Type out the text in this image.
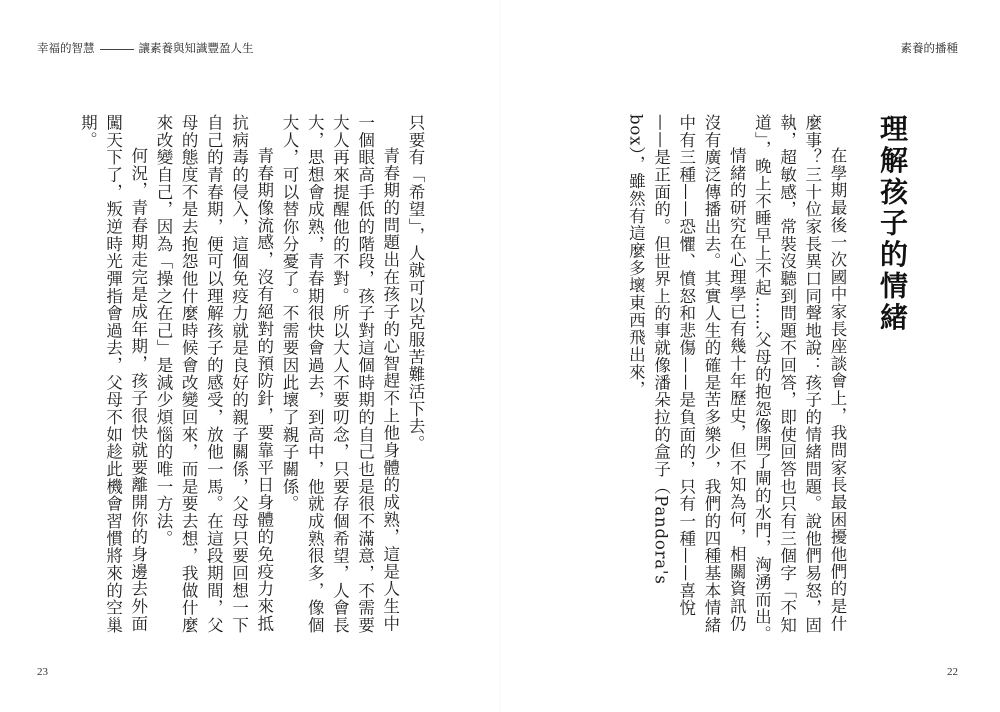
幸福的智慧	讓素養與知識豐盈人生

只要有「希望」，人就可以克服苦難活下去。

青春期的問題出在孩子的心智趕不上他身體的成熟，這是人生中一個眼高手低的階段，孩子對這個時期的自己也是很不滿意，不需要大人再來提醒他的不對。所以大人不要叨念，只要存個希望，人會長大，思想會成熟，青春期很快會過去，到高中，他就成熟很多，像個大人，可以替你分憂了。不需要因此壞了親子關係。

青春期像流感，沒有絕對的預防針，要靠平日身體的免疫力來抵抗病毒的侵入，這個免疫力就是良好的親子關係，父母只要回想一下自己的青春期，便可以理解孩子的感受，放他一馬。在這段期間，父母的態度不是去抱怨他什麼時候會改變回來，而是要去想，我做什麼來改變自己，因為「操之在己」是減少煩惱的唯一方法。

何況，青春期走完是成年期，孩子很快就要離開你的身邊去外面闖天下了，叛逆時光彈指會過去，父母不如趁此機會習慣將來的空巢期。

23
素養的播種
理解孩子的情緒

在學期最後一次國中家長座談會上，我問家長最困擾他們的是什麼事？三十位家長異口同聲地說：孩子的情緒問題。說他們易怒，固執，超敏感，常裝沒聽到問題不回答，即使回答也只有三個字「不知道」，晚上不睡早上不起……父母的抱怨像開了閘的水門，洶湧而出。

情緒的研究在心理學已有幾十年歷史，但不知為何，相關資訊仍沒有廣泛傳播出去。其實人生的確是苦多樂少，我們的四種基本情緒中有三種——恐懼、憤怒和悲傷——是負面的，只有一種——喜悅——是正面的。但世界上的事就像潘朵拉的盒子（Pandora's box），雖然有這麼多壞東西飛出來，

22
